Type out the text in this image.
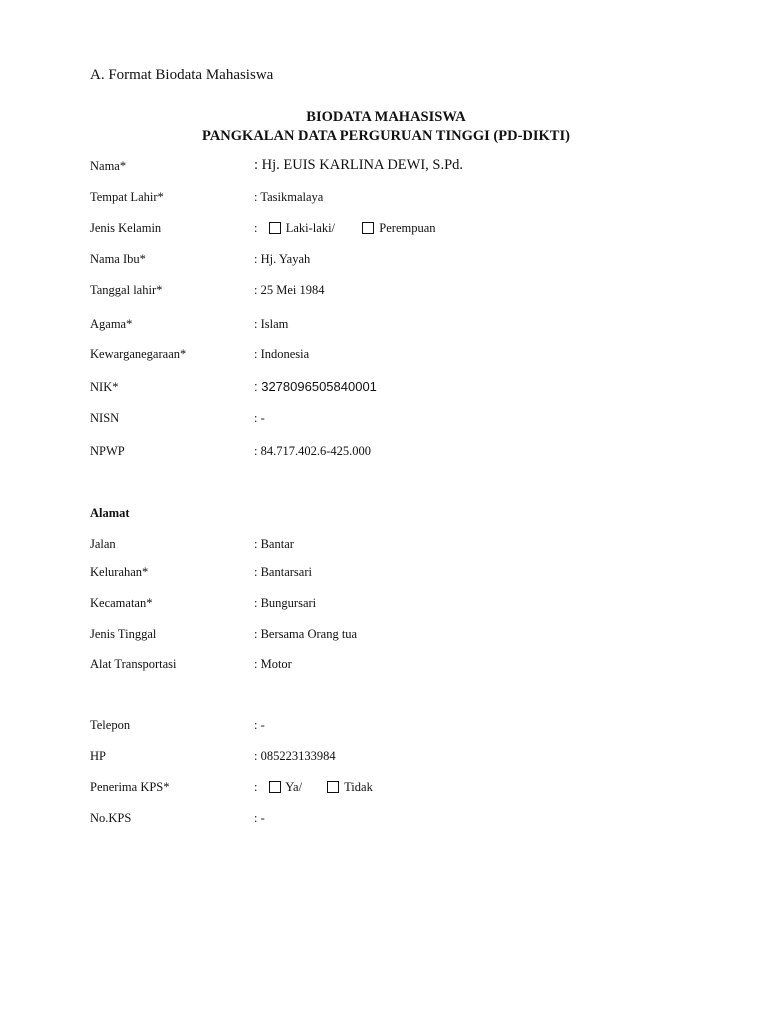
A. Format Biodata Mahasiswa
BIODATA MAHASISWA
PANGKALAN DATA PERGURUAN TINGGI (PD-DIKTI)
Nama*	: Hj. EUIS KARLINA DEWI, S.Pd.
Tempat Lahir*	: Tasikmalaya
Jenis Kelamin	: Laki-laki/	Perempuan
Nama Ibu*	: Hj. Yayah
Tanggal lahir*	: 25 Mei 1984
Agama*	: Islam
Kewarganegaraan*	: Indonesia
NIK*	: 3278096505840001
NISN	: -
NPWP	: 84.717.402.6-425.000
Alamat
Jalan	: Bantar
Kelurahan*	: Bantarsari
Kecamatan*	: Bungursari
Jenis Tinggal	: Bersama Orang tua
Alat Transportasi	: Motor
Telepon	: -
HP	: 085223133984
Penerima KPS*	: Ya/	Tidak
No.KPS	: -
